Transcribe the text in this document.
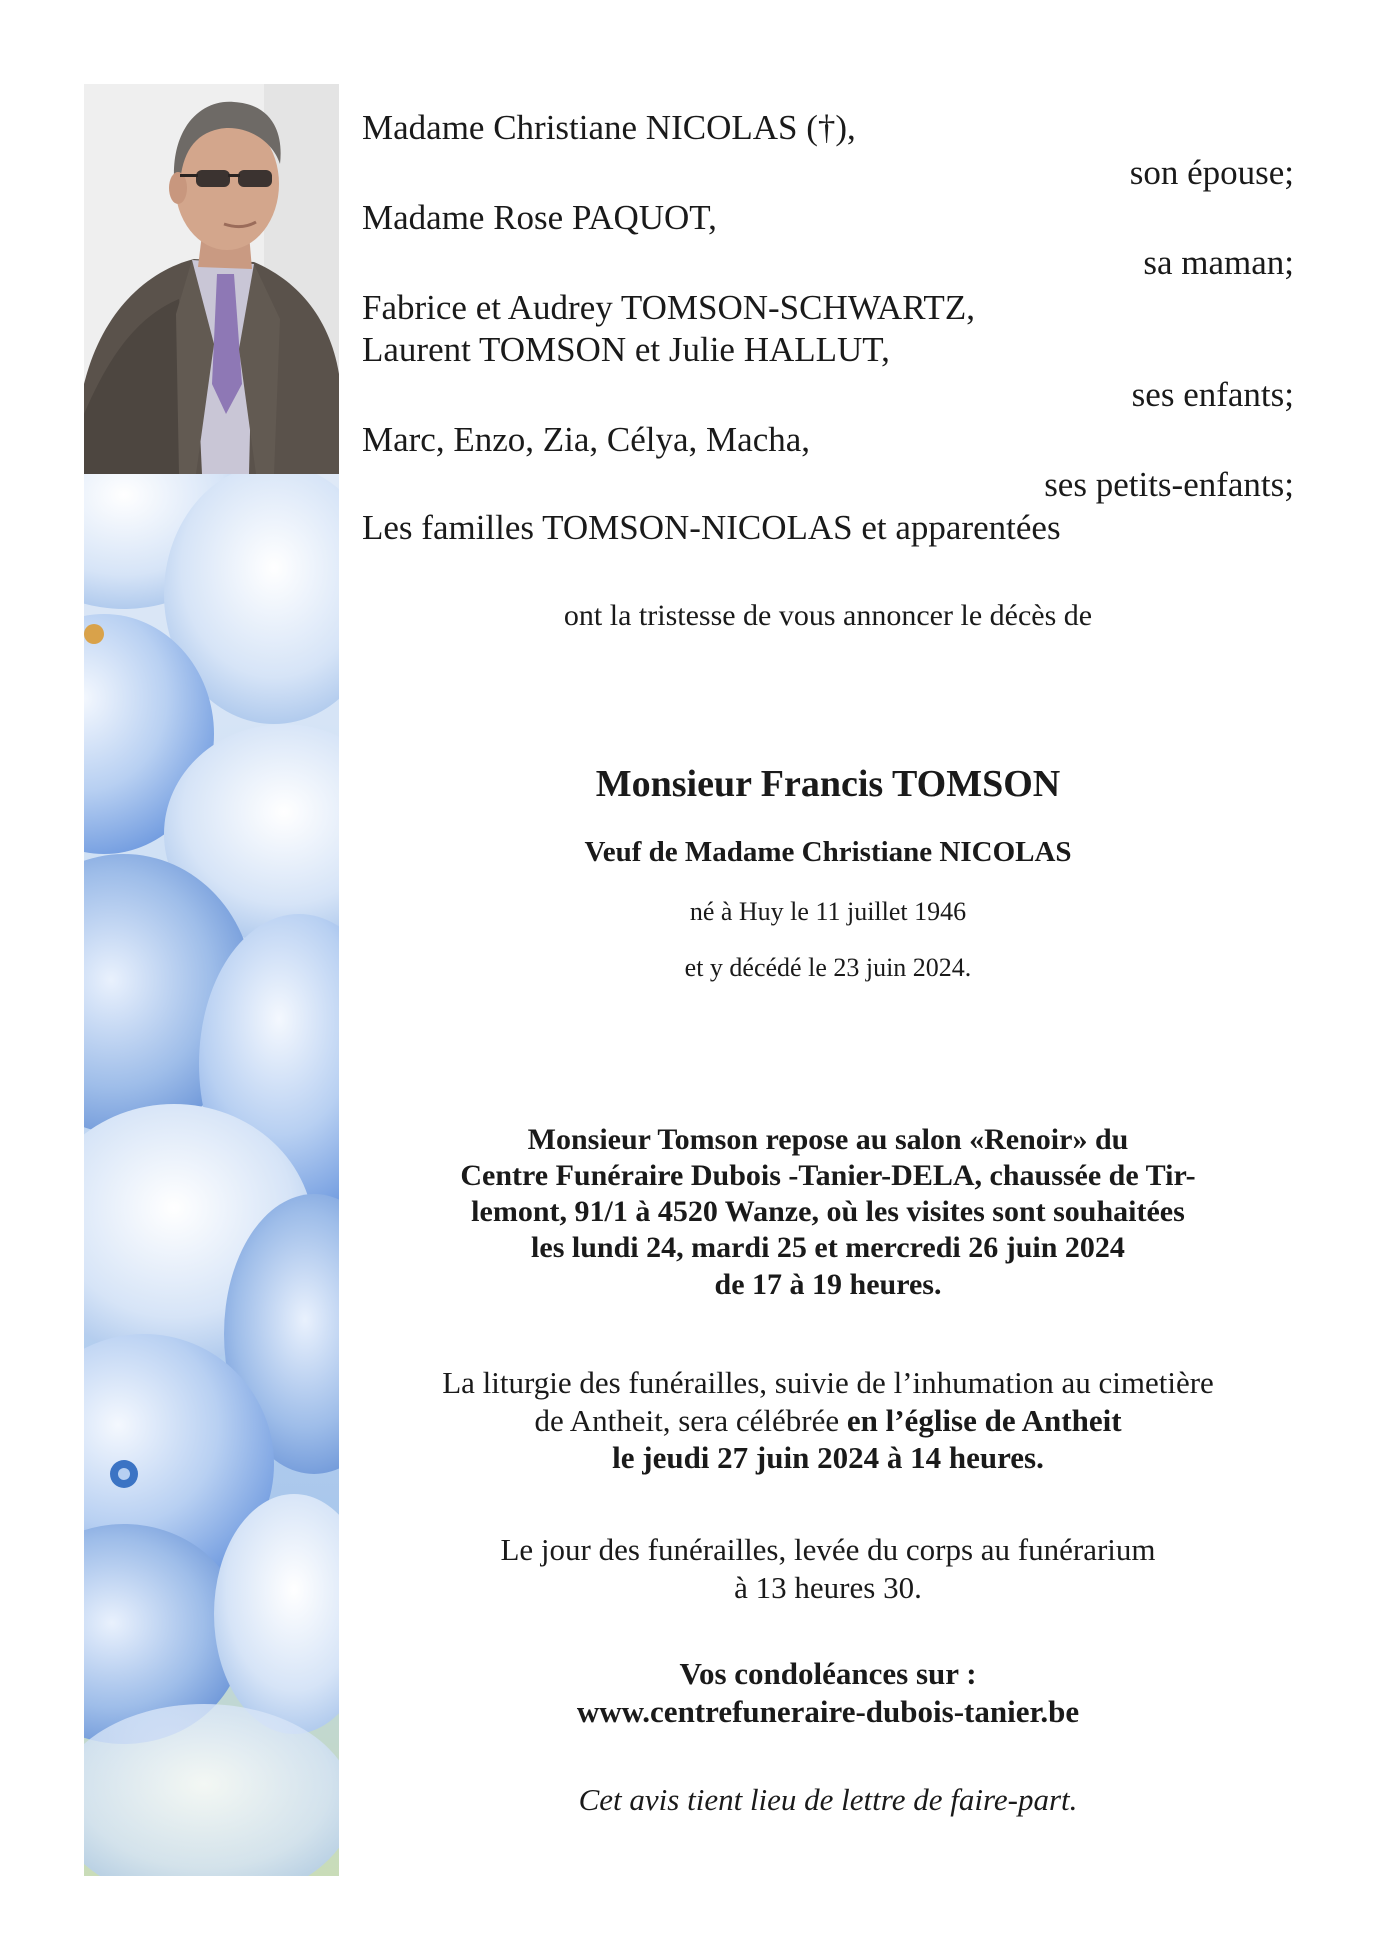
Madame Christiane NICOLAS (†),
son épouse;
Madame Rose PAQUOT,
sa maman;
Fabrice et Audrey TOMSON-SCHWARTZ,
Laurent TOMSON et Julie HALLUT,
ses enfants;
Marc, Enzo, Zia, Célya, Macha,
ses petits-enfants;
Les familles TOMSON-NICOLAS et apparentées
ont la tristesse de vous annoncer le décès de
Monsieur Francis TOMSON
Veuf de Madame Christiane NICOLAS
né à Huy le 11 juillet 1946
et y décédé le 23 juin 2024.
Monsieur Tomson repose au salon «Renoir» du
Centre Funéraire Dubois -Tanier-DELA, chaussée de Tir-
lemont, 91/1 à 4520 Wanze, où les visites sont souhaitées
les lundi 24, mardi 25 et mercredi 26 juin 2024
de 17 à 19 heures.
La liturgie des funérailles, suivie de l’inhumation au cimetière
de Antheit, sera célébrée en l’église de Antheit
le jeudi 27 juin 2024 à 14 heures.
Le jour des funérailles, levée du corps au funérarium
à 13 heures 30.
Vos condoléances sur :
www.centrefuneraire-dubois-tanier.be
Cet avis tient lieu de lettre de faire-part.
